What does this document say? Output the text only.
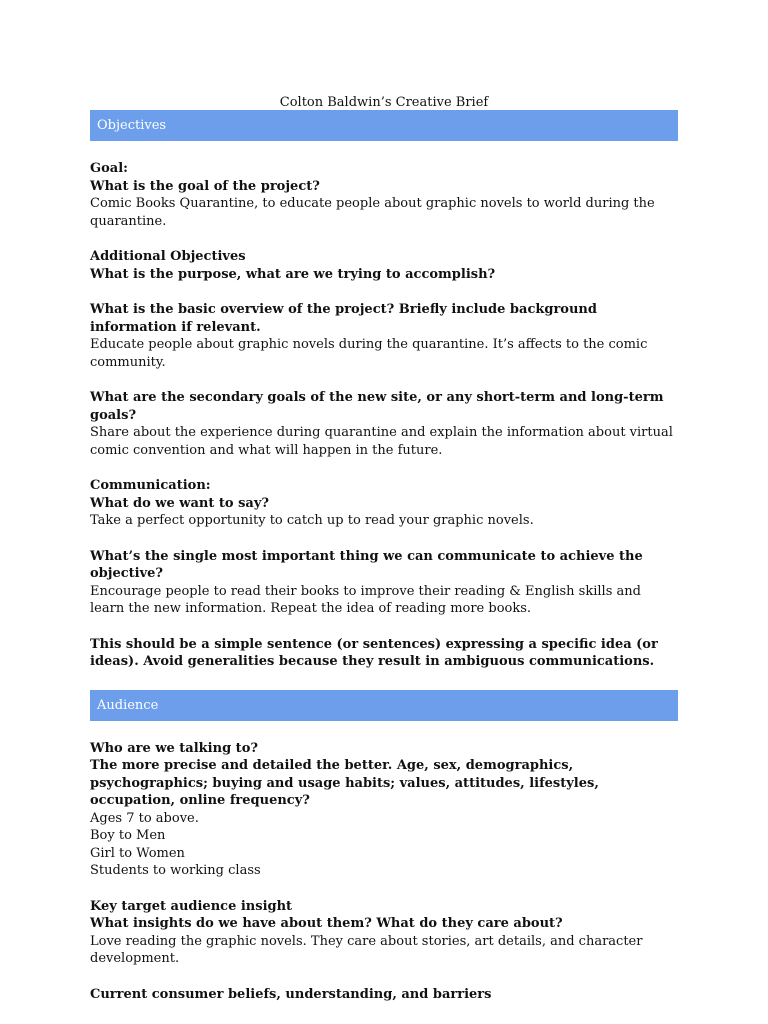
Colton Baldwin’s Creative Brief
Objectives

Goal:

What is the goal of the project?

Comic Books Quarantine, to educate people about graphic novels to world during the quarantine.

Additional Objectives

What is the purpose, what are we trying to accomplish?

What is the basic overview of the project? Briefly include background information if relevant.

Educate people about graphic novels during the quarantine. It’s affects to the comic community.

What are the secondary goals of the new site, or any short-term and long-term goals?

Share about the experience during quarantine and explain the information about virtual comic convention and what will happen in the future.

Communication:

What do we want to say?

Take a perfect opportunity to catch up to read your graphic novels.

What’s the single most important thing we can communicate to achieve the objective?

Encourage people to read their books to improve their reading & English skills and learn the new information. Repeat the idea of reading more books.

This should be a simple sentence (or sentences) expressing a specific idea (or ideas). Avoid generalities because they result in ambiguous communications.

Audience

Who are we talking to?

The more precise and detailed the better. Age, sex, demographics, psychographics; buying and usage habits; values, attitudes, lifestyles, occupation, online frequency?

Ages 7 to above.

Boy to Men

Girl to Women

Students to working class

Key target audience insight

What insights do we have about them? What do they care about?

Love reading the graphic novels. They care about stories, art details, and character development.

Current consumer beliefs, understanding, and barriers
